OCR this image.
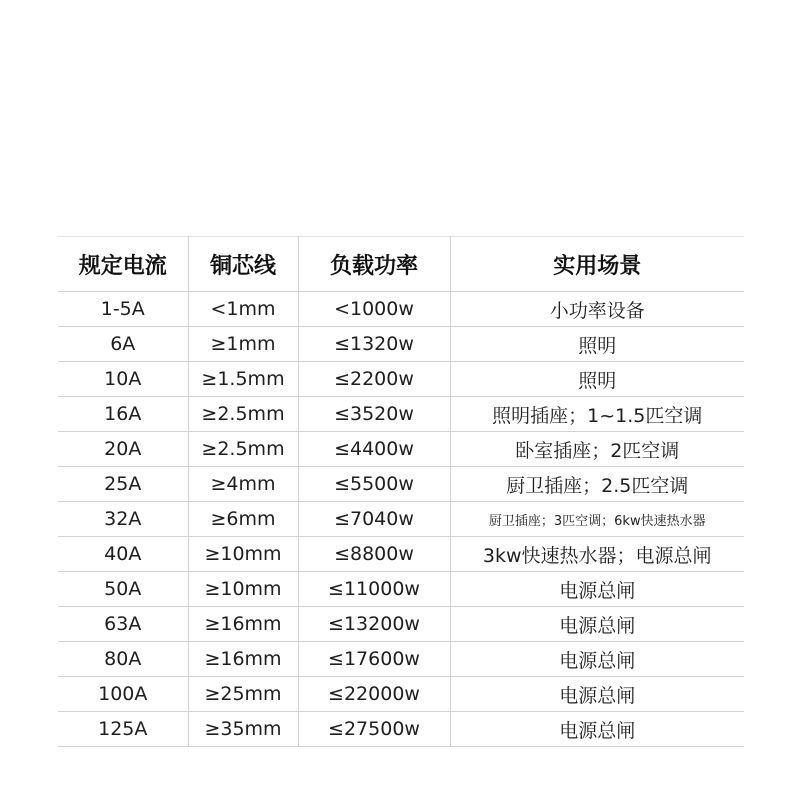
规定电流	铜芯线	负载功率	实用场景
1-5A	<1mm	<1000w	小功率设备
6A	≥1mm	≤1320w	照明
10A	≥1.5mm	≤2200w	照明
16A	≥2.5mm	≤3520w	照明插座；1~1.5匹空调
20A	≥2.5mm	≤4400w	卧室插座；2匹空调
25A	≥4mm	≤5500w	厨卫插座；2.5匹空调
32A	≥6mm	≤7040w	厨卫插座；3匹空调；6kw快速热水器
40A	≥10mm	≤8800w	3kw快速热水器；电源总闸
50A	≥10mm	≤11000w	电源总闸
63A	≥16mm	≤13200w	电源总闸
80A	≥16mm	≤17600w	电源总闸
100A	≥25mm	≤22000w	电源总闸
125A	≥35mm	≤27500w	电源总闸
